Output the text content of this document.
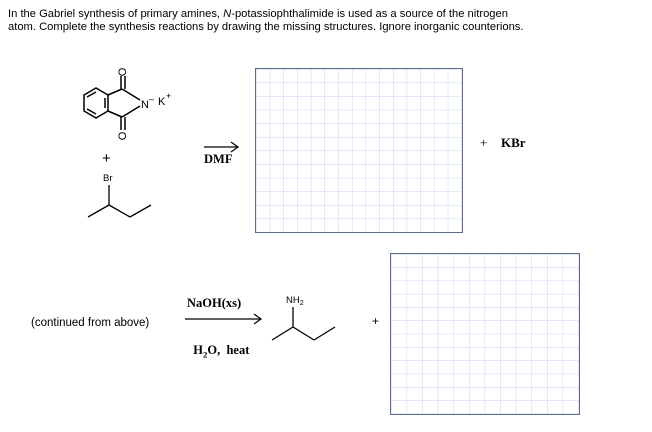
In the Gabriel synthesis of primary amines, N-potassiophthalimide is used as a source of the nitrogen
atom. Complete the synthesis reactions by drawing the missing structures. Ignore inorganic counterions.
O
O
N – K +
+
Br
DMF
+ KBr
(continued from above)
NaOH(xs)

$H_2O$,  heat

$NH_2$
+
